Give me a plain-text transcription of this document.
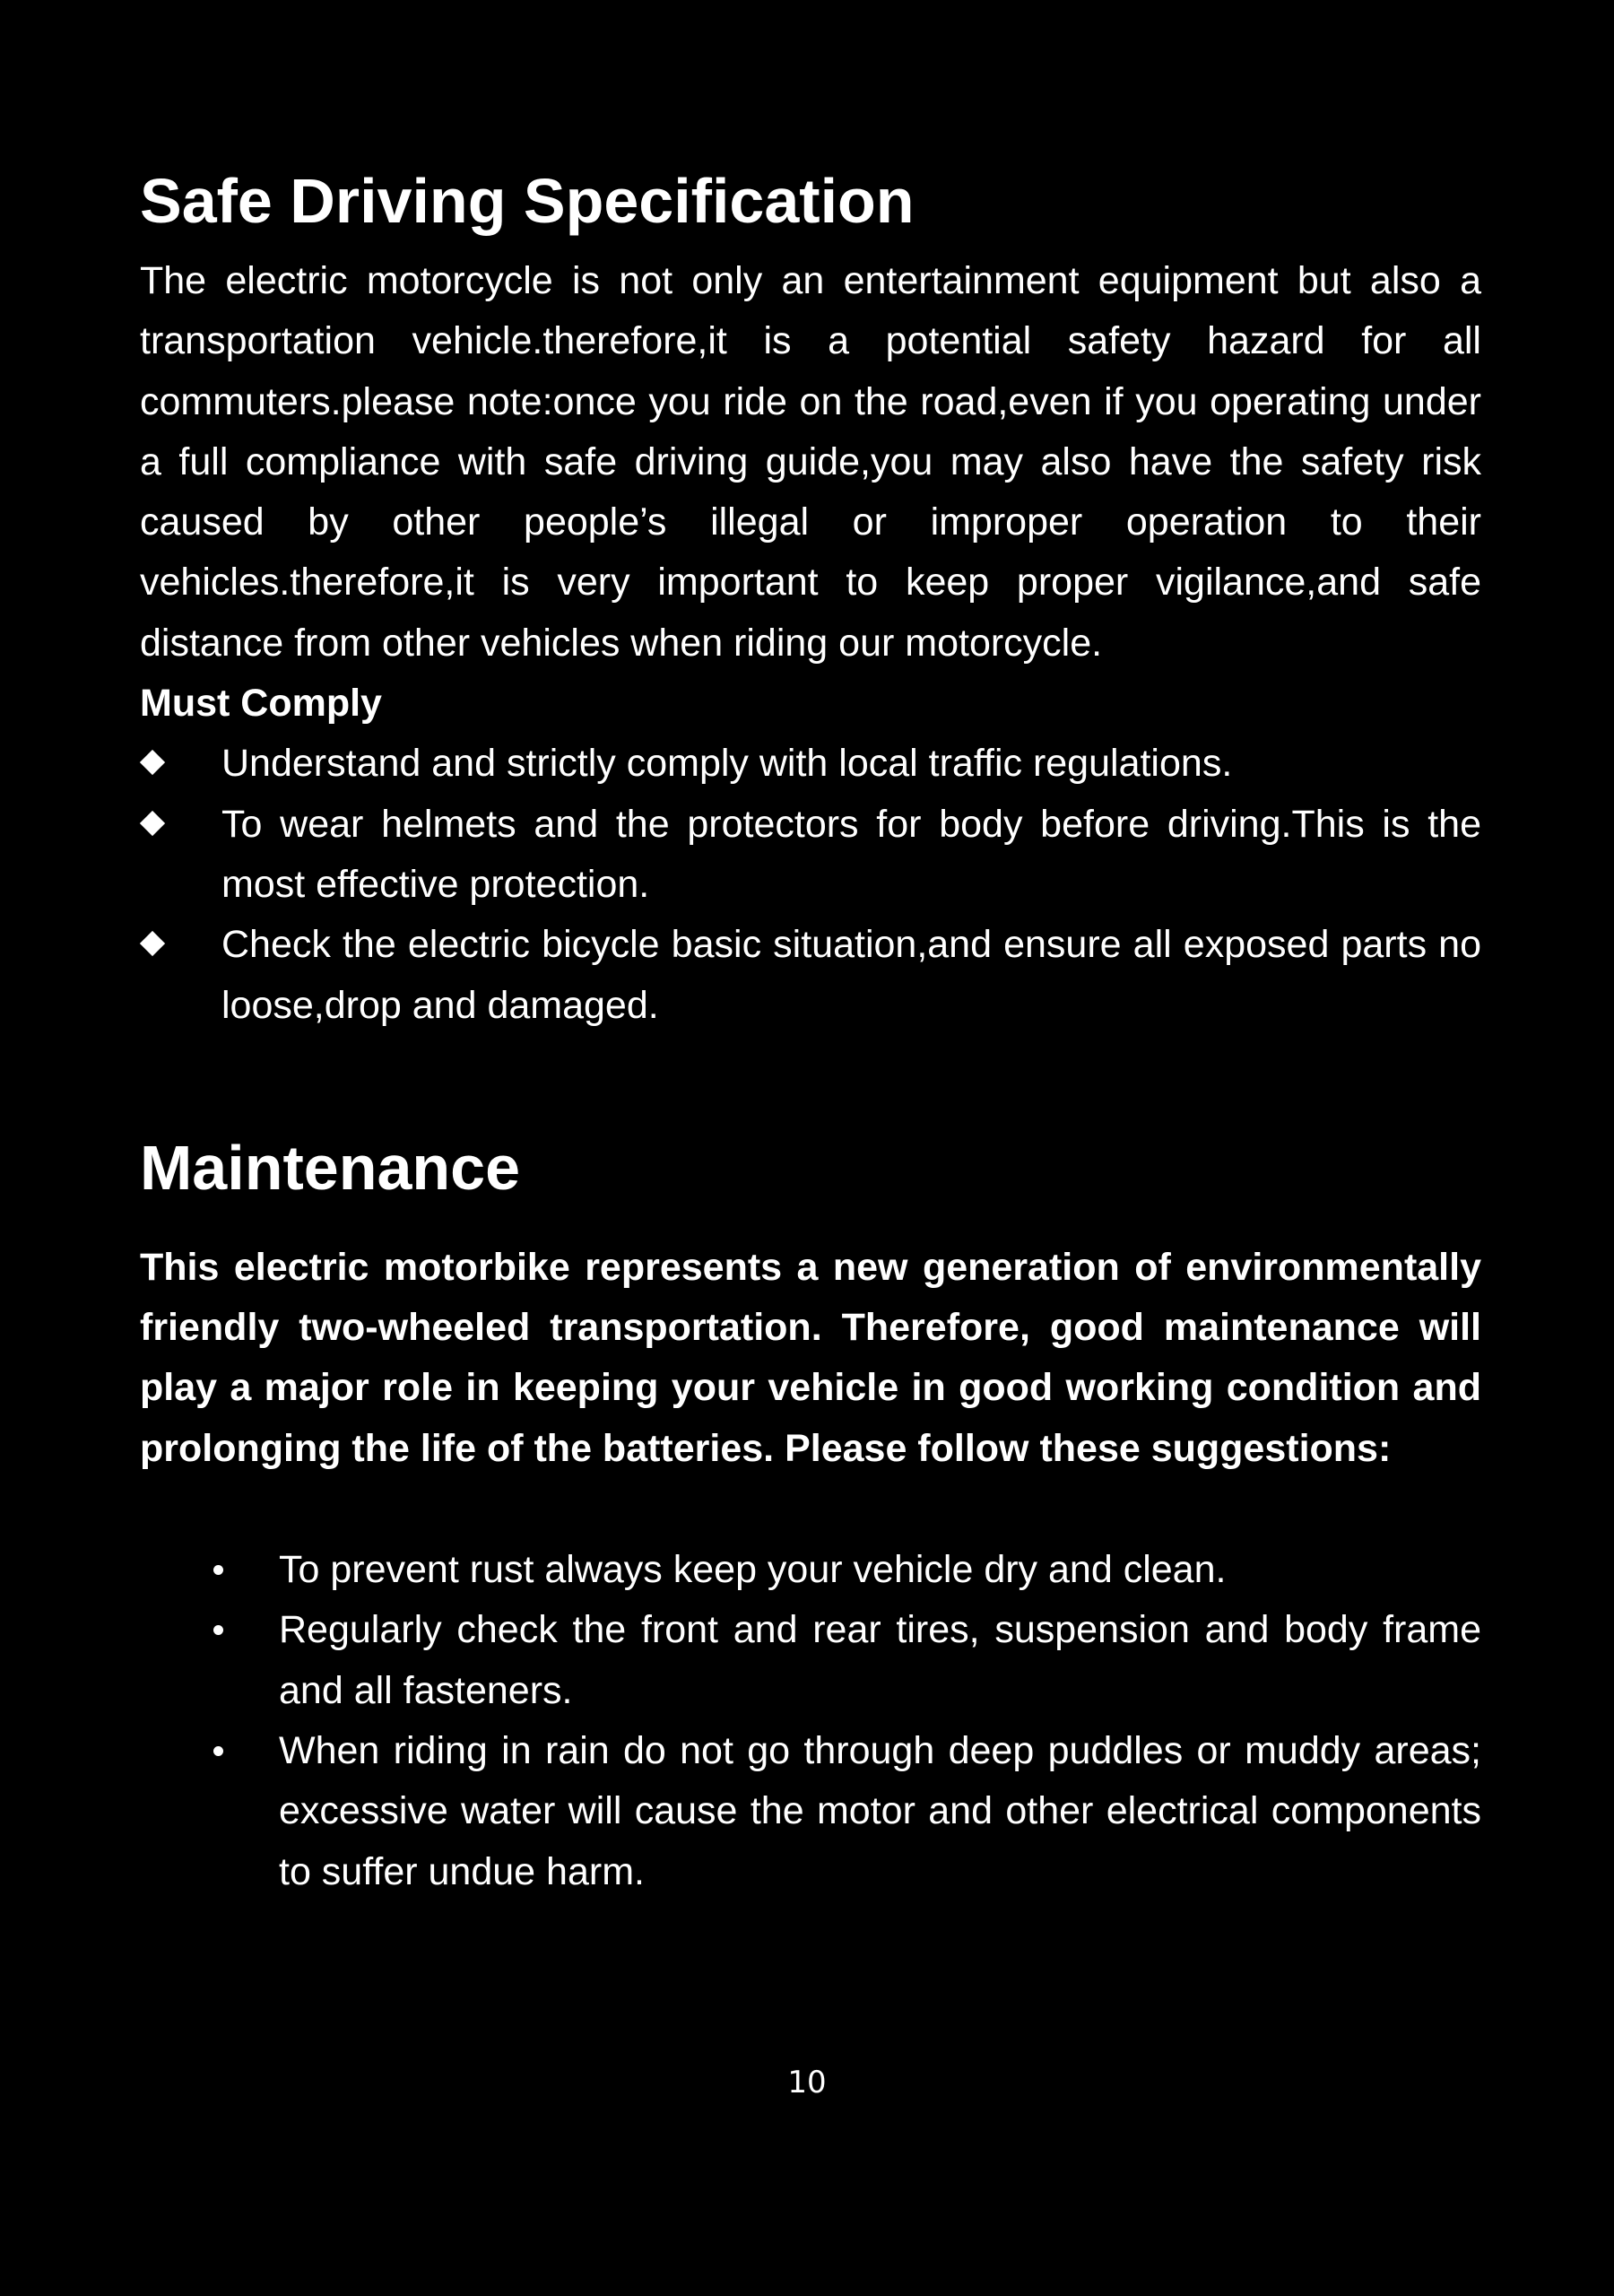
Safe Driving Specification

The electric motorcycle is not only an entertainment equipment but also a transportation vehicle.therefore,it is a potential safety hazard for all commuters.please note:once you ride on the road,even if you operating under a full compliance with safe driving guide,you may also have the safety risk caused by other people’s illegal or improper operation to their vehicles.therefore,it is very important to keep proper vigilance,and safe distance from other vehicles when riding our motorcycle.

Must Comply
Understand and strictly comply with local traffic regulations.
To wear helmets and the protectors for body before driving.This is the most effective protection.
Check the electric bicycle basic situation,and ensure all exposed parts no loose,drop and damaged.
Maintenance

This electric motorbike represents a new generation of environmentally friendly two-wheeled transportation. Therefore, good maintenance will play a major role in keeping your vehicle in good working condition and prolonging the life of the batteries. Please follow these suggestions:

To prevent rust always keep your vehicle dry and clean.
Regularly check the front and rear tires, suspension and body frame and all fasteners.
When riding in rain do not go through deep puddles or muddy areas; excessive water will cause the motor and other electrical components to suffer undue harm.
10
